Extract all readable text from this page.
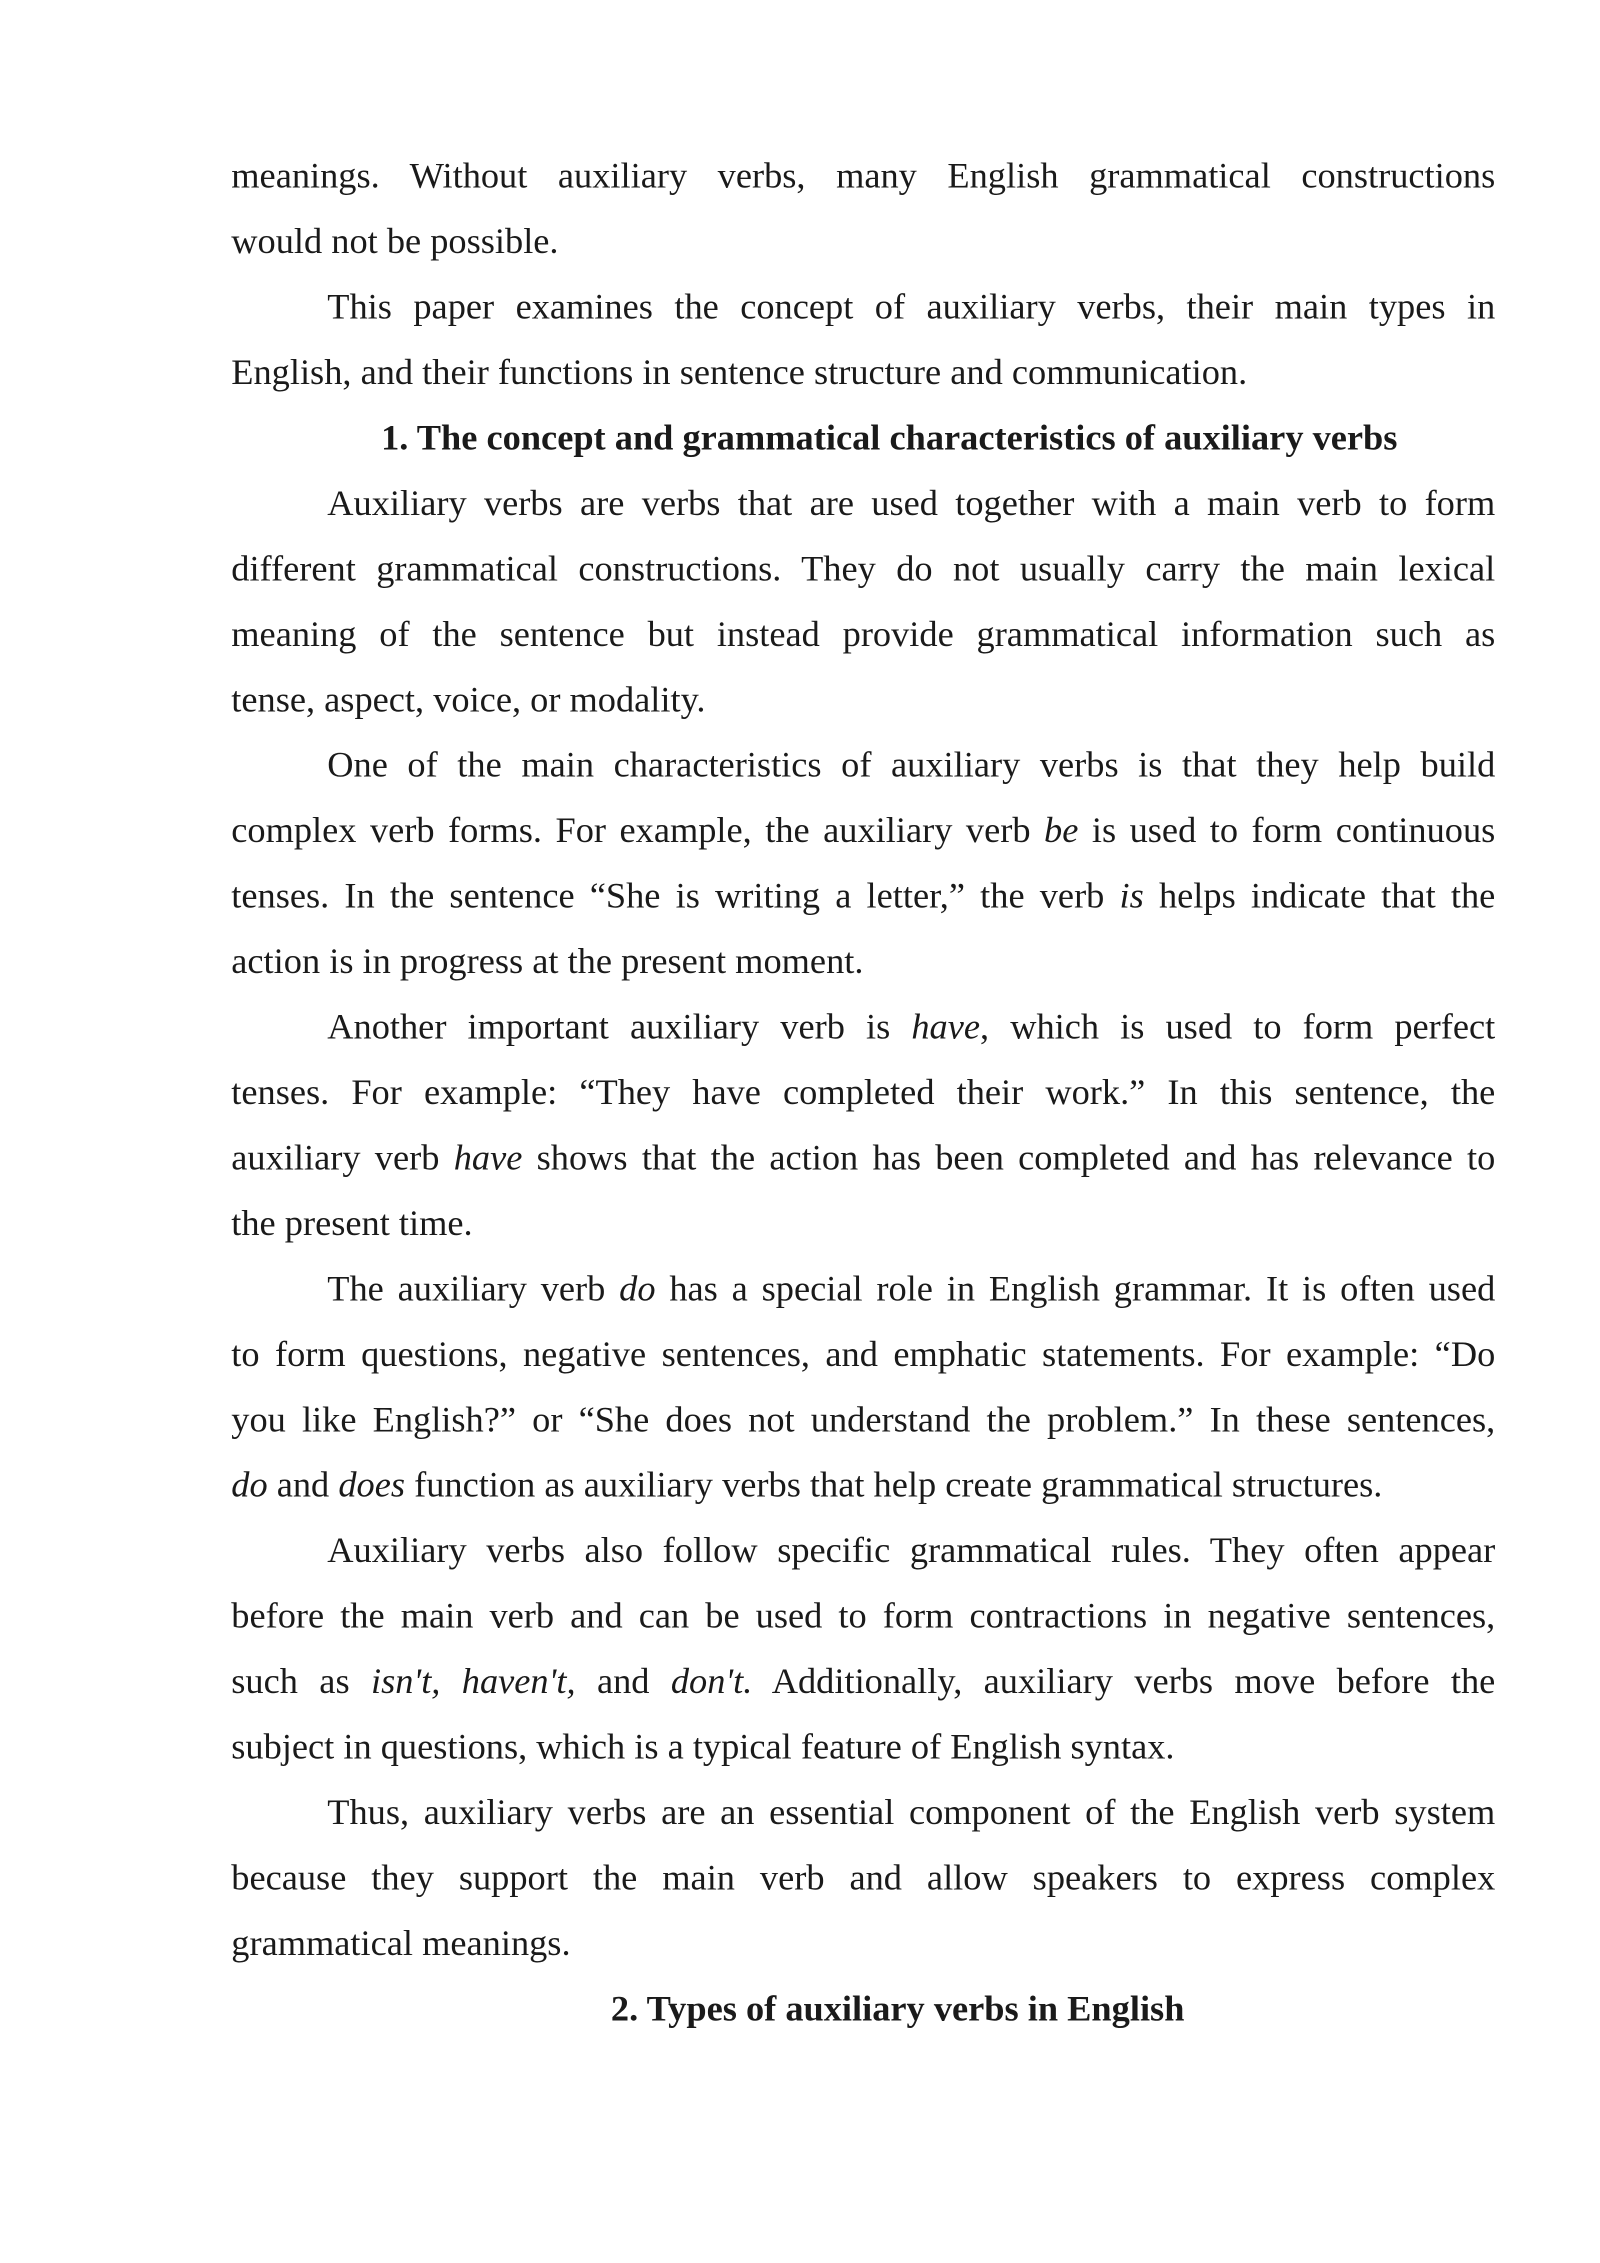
meanings. Without auxiliary verbs, many English grammatical constructions
would not be possible.
This paper examines the concept of auxiliary verbs, their main types in
English, and their functions in sentence structure and communication.
1. The concept and grammatical characteristics of auxiliary verbs
Auxiliary verbs are verbs that are used together with a main verb to form
different grammatical constructions. They do not usually carry the main lexical
meaning of the sentence but instead provide grammatical information such as
tense, aspect, voice, or modality.
One of the main characteristics of auxiliary verbs is that they help build
complex verb forms. For example, the auxiliary verb be is used to form continuous
tenses. In the sentence “She is writing a letter,” the verb is helps indicate that the
action is in progress at the present moment.
Another important auxiliary verb is have, which is used to form perfect
tenses. For example: “They have completed their work.” In this sentence, the
auxiliary verb have shows that the action has been completed and has relevance to
the present time.
The auxiliary verb do has a special role in English grammar. It is often used
to form questions, negative sentences, and emphatic statements. For example: “Do
you like English?” or “She does not understand the problem.” In these sentences,
do and does function as auxiliary verbs that help create grammatical structures.
Auxiliary verbs also follow specific grammatical rules. They often appear
before the main verb and can be used to form contractions in negative sentences,
such as isn't, haven't, and don't. Additionally, auxiliary verbs move before the
subject in questions, which is a typical feature of English syntax.
Thus, auxiliary verbs are an essential component of the English verb system
because they support the main verb and allow speakers to express complex
grammatical meanings.
2. Types of auxiliary verbs in English
